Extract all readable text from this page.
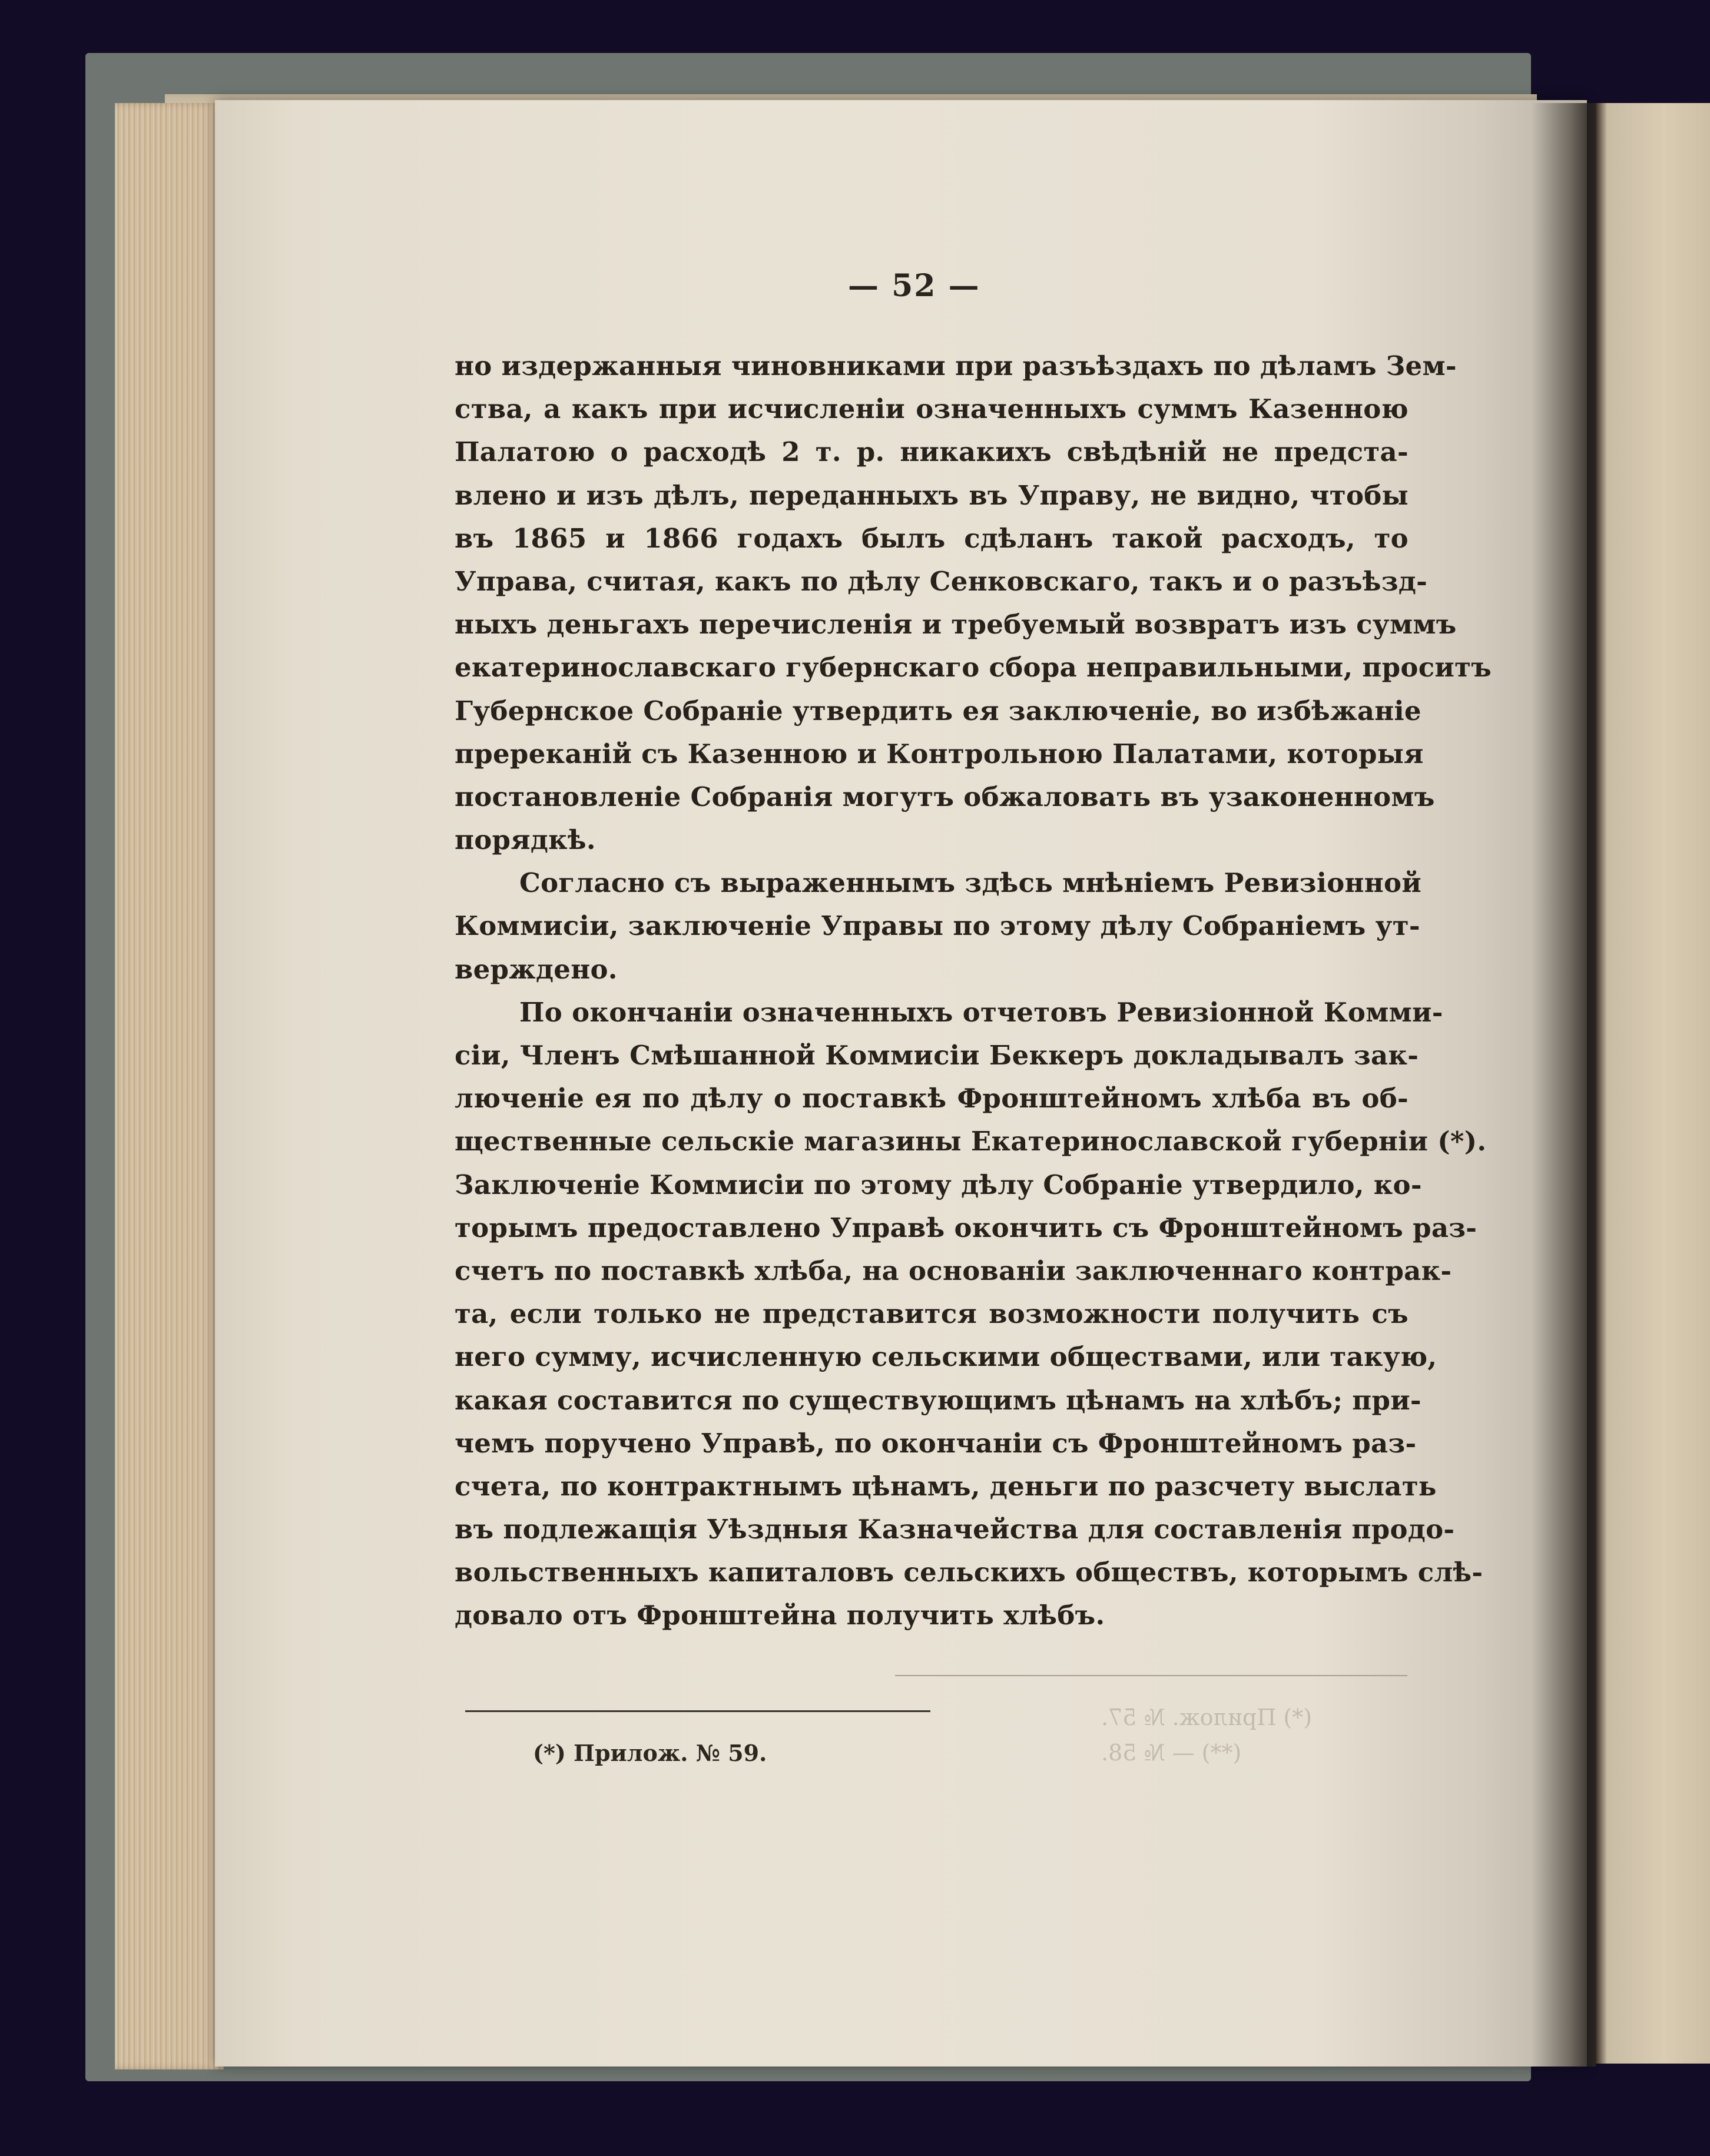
— 52 —
но издержанныя чиновниками при разъѣздахъ по дѣламъ Зем-
ства, а какъ при исчисленіи означенныхъ суммъ Казенною
Палатою о расходѣ 2 т. р. никакихъ свѣдѣній не предста-
влено и изъ дѣлъ, переданныхъ въ Управу, не видно, чтобы
въ 1865 и 1866 годахъ былъ сдѣланъ такой расходъ, то
Управа, считая, какъ по дѣлу Сенковскаго, такъ и о разъѣзд-
ныхъ деньгахъ перечисленія и требуемый возвратъ изъ суммъ
екатеринославскаго губернскаго сбора неправильными, проситъ
Губернское Собраніе утвердить ея заключеніе, во избѣжаніе
пререканій съ Казенною и Контрольною Палатами, которыя
постановленіе Собранія могутъ обжаловать въ узаконенномъ
порядкѣ.
Согласно съ выраженнымъ здѣсь мнѣніемъ Ревизіонной
Коммисіи, заключеніе Управы по этому дѣлу Собраніемъ ут-
верждено.
По окончаніи означенныхъ отчетовъ Ревизіонной Комми-
сіи, Членъ Смѣшанной Коммисіи Беккеръ докладывалъ зак-
люченіе ея по дѣлу о поставкѣ Фронштейномъ хлѣба въ об-
щественные сельскіе магазины Екатеринославской губерніи (*).
Заключеніе Коммисіи по этому дѣлу Собраніе утвердило, ко-
торымъ предоставлено Управѣ окончить съ Фронштейномъ раз-
счетъ по поставкѣ хлѣба, на основаніи заключеннаго контрак-
та, если только не представится возможности получить съ
него сумму, исчисленную сельскими обществами, или такую,
какая составится по существующимъ цѣнамъ на хлѣбъ; при-
чемъ поручено Управѣ, по окончаніи съ Фронштейномъ раз-
счета, по контрактнымъ цѣнамъ, деньги по разсчету выслать
въ подлежащія Уѣздныя Казначейства для составленія продо-
вольственныхъ капиталовъ сельскихъ обществъ, которымъ слѣ-
довало отъ Фронштейна получить хлѣбъ.
(*) Прилож. № 59.
(*) Прилож. № 57.
(**) — № 58.
